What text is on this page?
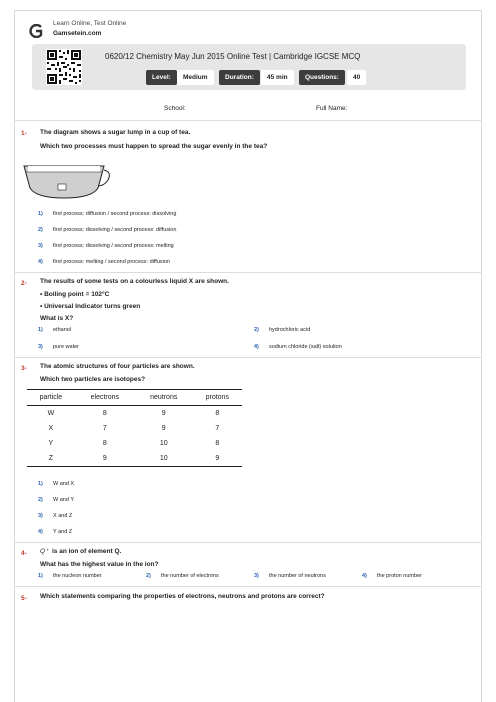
Learn Online, Test Online
Gamsetein.com
0620/12 Chemistry May Jun 2015 Online Test | Cambridge IGCSE MCQ
Level:	Medium	Duration:	45 min	Questions:	40
School:	Full Name:
1- The diagram shows a sugar lump in a cup of tea.
Which two processes must happen to spread the sugar evenly in the tea?
1) first process: diffusion / second process: dissolving
2) first process: dissolving / second process: diffusion
3) first process: dissolving / second process: melting
4) first process: melting / second process: diffusion
2- The results of some tests on a colourless liquid X are shown.
• Boiling point = 102°C
• Universal Indicator turns green
What is X?
1) ethanol	2) hydrochloric acid
3) pure water	4) sodium chloride (salt) solution
3- The atomic structures of four particles are shown.
Which two particles are isotopes?
particle	electrons	neutrons	protons
W	8	9	8
X	7	9	7
Y	8	10	8
Z	9	10	9
1) W and X
2) W and Y
3) X and Z
4) Y and Z
4- Q⁺ is an ion of element Q.
What has the highest value in the ion?
1) the nucleon number	2) the number of electrons	3) the number of neutrons	4) the proton number
5- Which statements comparing the properties of electrons, neutrons and protons are correct?
